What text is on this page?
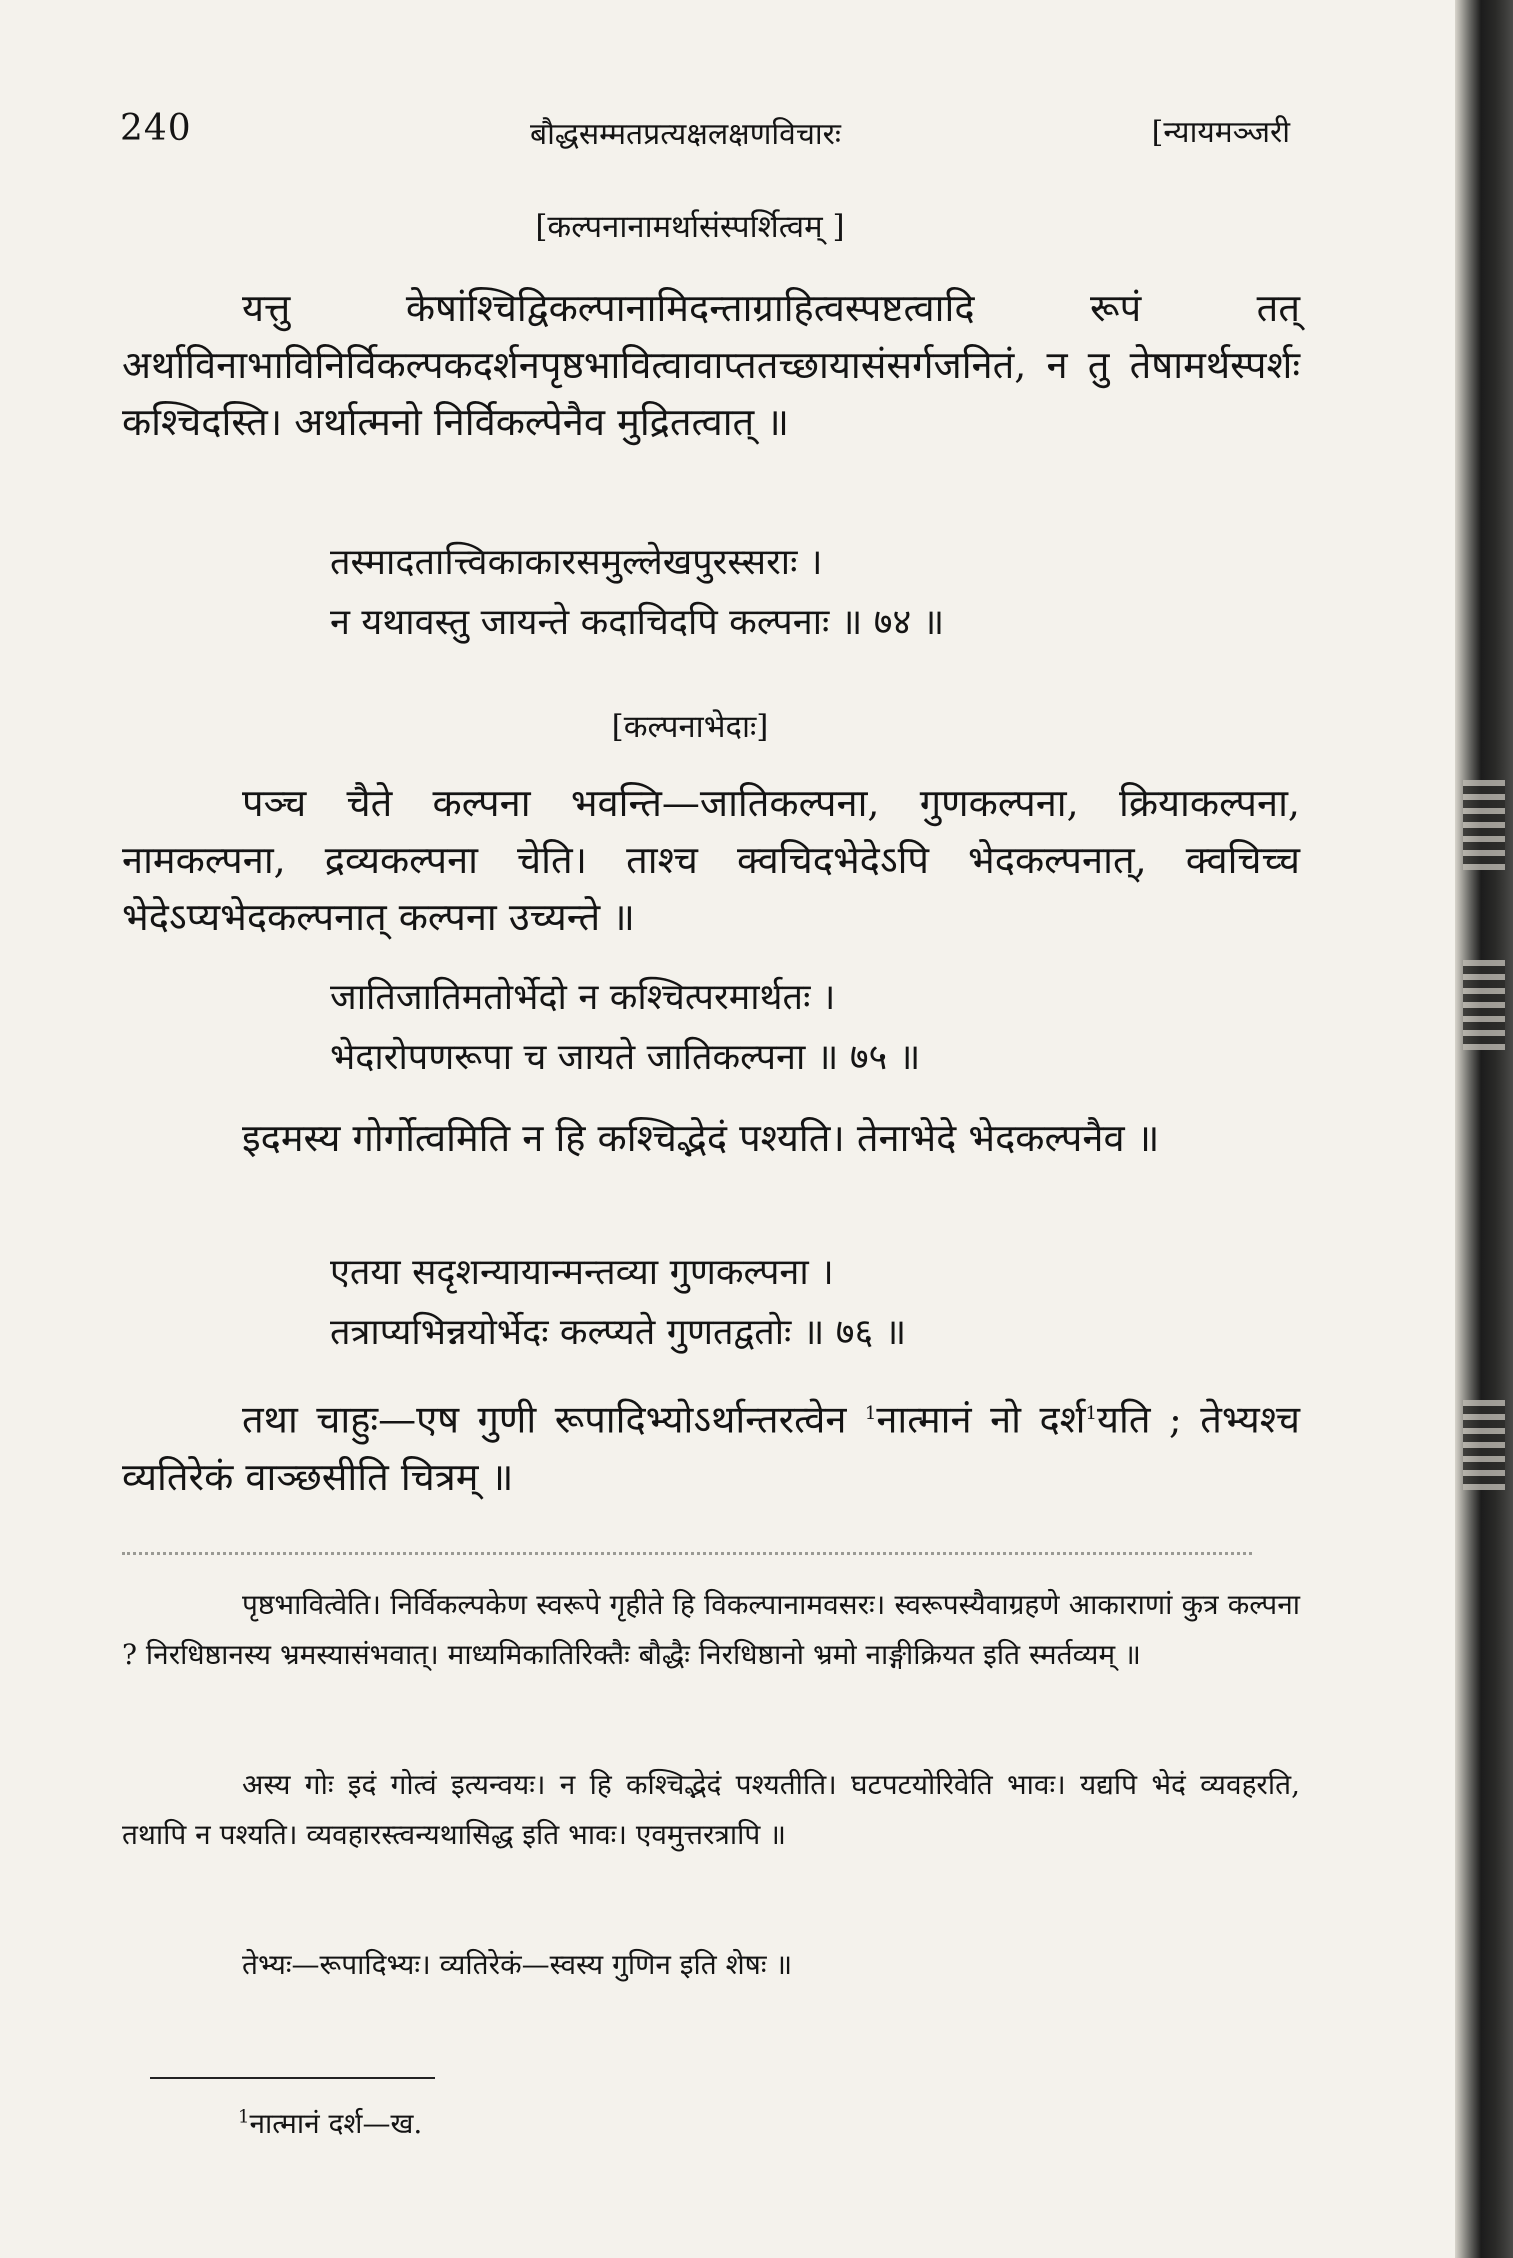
240	बौद्धसम्मतप्रत्यक्षलक्षणविचारः	[न्यायमञ्जरी
[कल्पनानामर्थासंस्पर्शित्वम् ]
यत्तु केषांश्चिद्विकल्पानामिदन्ताग्राहित्वस्पष्टत्वादि रूपं तत् अर्थाविनाभाविनिर्विकल्पकदर्शनपृष्ठभावित्वावाप्ततच्छायासंसर्गजनितं, न तु तेषामर्थस्पर्शः कश्चिदस्ति। अर्थात्मनो निर्विकल्पेनैव मुद्रितत्वात् ॥
तस्मादतात्त्विकाकारसमुल्लेखपुरस्सराः ।
न यथावस्तु जायन्ते कदाचिदपि कल्पनाः ॥ ७४ ॥
[कल्पनाभेदाः]
पञ्च चैते कल्पना भवन्ति—जातिकल्पना, गुणकल्पना, क्रियाकल्पना, नामकल्पना, द्रव्यकल्पना चेति। ताश्च क्वचिदभेदेऽपि भेदकल्पनात्, क्वचिच्च भेदेऽप्यभेदकल्पनात् कल्पना उच्यन्ते ॥
जातिजातिमतोर्भेदो न कश्चित्परमार्थतः ।
भेदारोपणरूपा च जायते जातिकल्पना ॥ ७५ ॥
इदमस्य गोर्गोत्वमिति न हि कश्चिद्भेदं पश्यति। तेनाभेदे भेदकल्पनैव ॥
एतया सदृशन्यायान्मन्तव्या गुणकल्पना ।
तत्राप्यभिन्नयोर्भेदः कल्प्यते गुणतद्वतोः ॥ ७६ ॥
तथा चाहुः—एष गुणी रूपादिभ्योऽर्थान्तरत्वेन $^1$नात्मानं नो दर्श$^1$यति ; तेभ्यश्च व्यतिरेकं वाञ्छसीति चित्रम् ॥
पृष्ठभावित्वेति। निर्विकल्पकेण स्वरूपे गृहीते हि विकल्पानामवसरः। स्वरूपस्यैवाग्रहणे आकाराणां कुत्र कल्पना ? निरधिष्ठानस्य भ्रमस्यासंभवात्। माध्यमिकातिरिक्तैः बौद्धैः निरधिष्ठानो भ्रमो नाङ्गीक्रियत इति स्मर्तव्यम् ॥
अस्य गोः इदं गोत्वं इत्यन्वयः। न हि कश्चिद्भेदं पश्यतीति। घटपटयोरिवेति भावः। यद्यपि भेदं व्यवहरति, तथापि न पश्यति। व्यवहारस्त्वन्यथासिद्ध इति भावः। एवमुत्तरत्रापि ॥
तेभ्यः—रूपादिभ्यः। व्यतिरेकं—स्वस्य गुणिन इति शेषः ॥
$^1$नात्मानं दर्श—ख.
